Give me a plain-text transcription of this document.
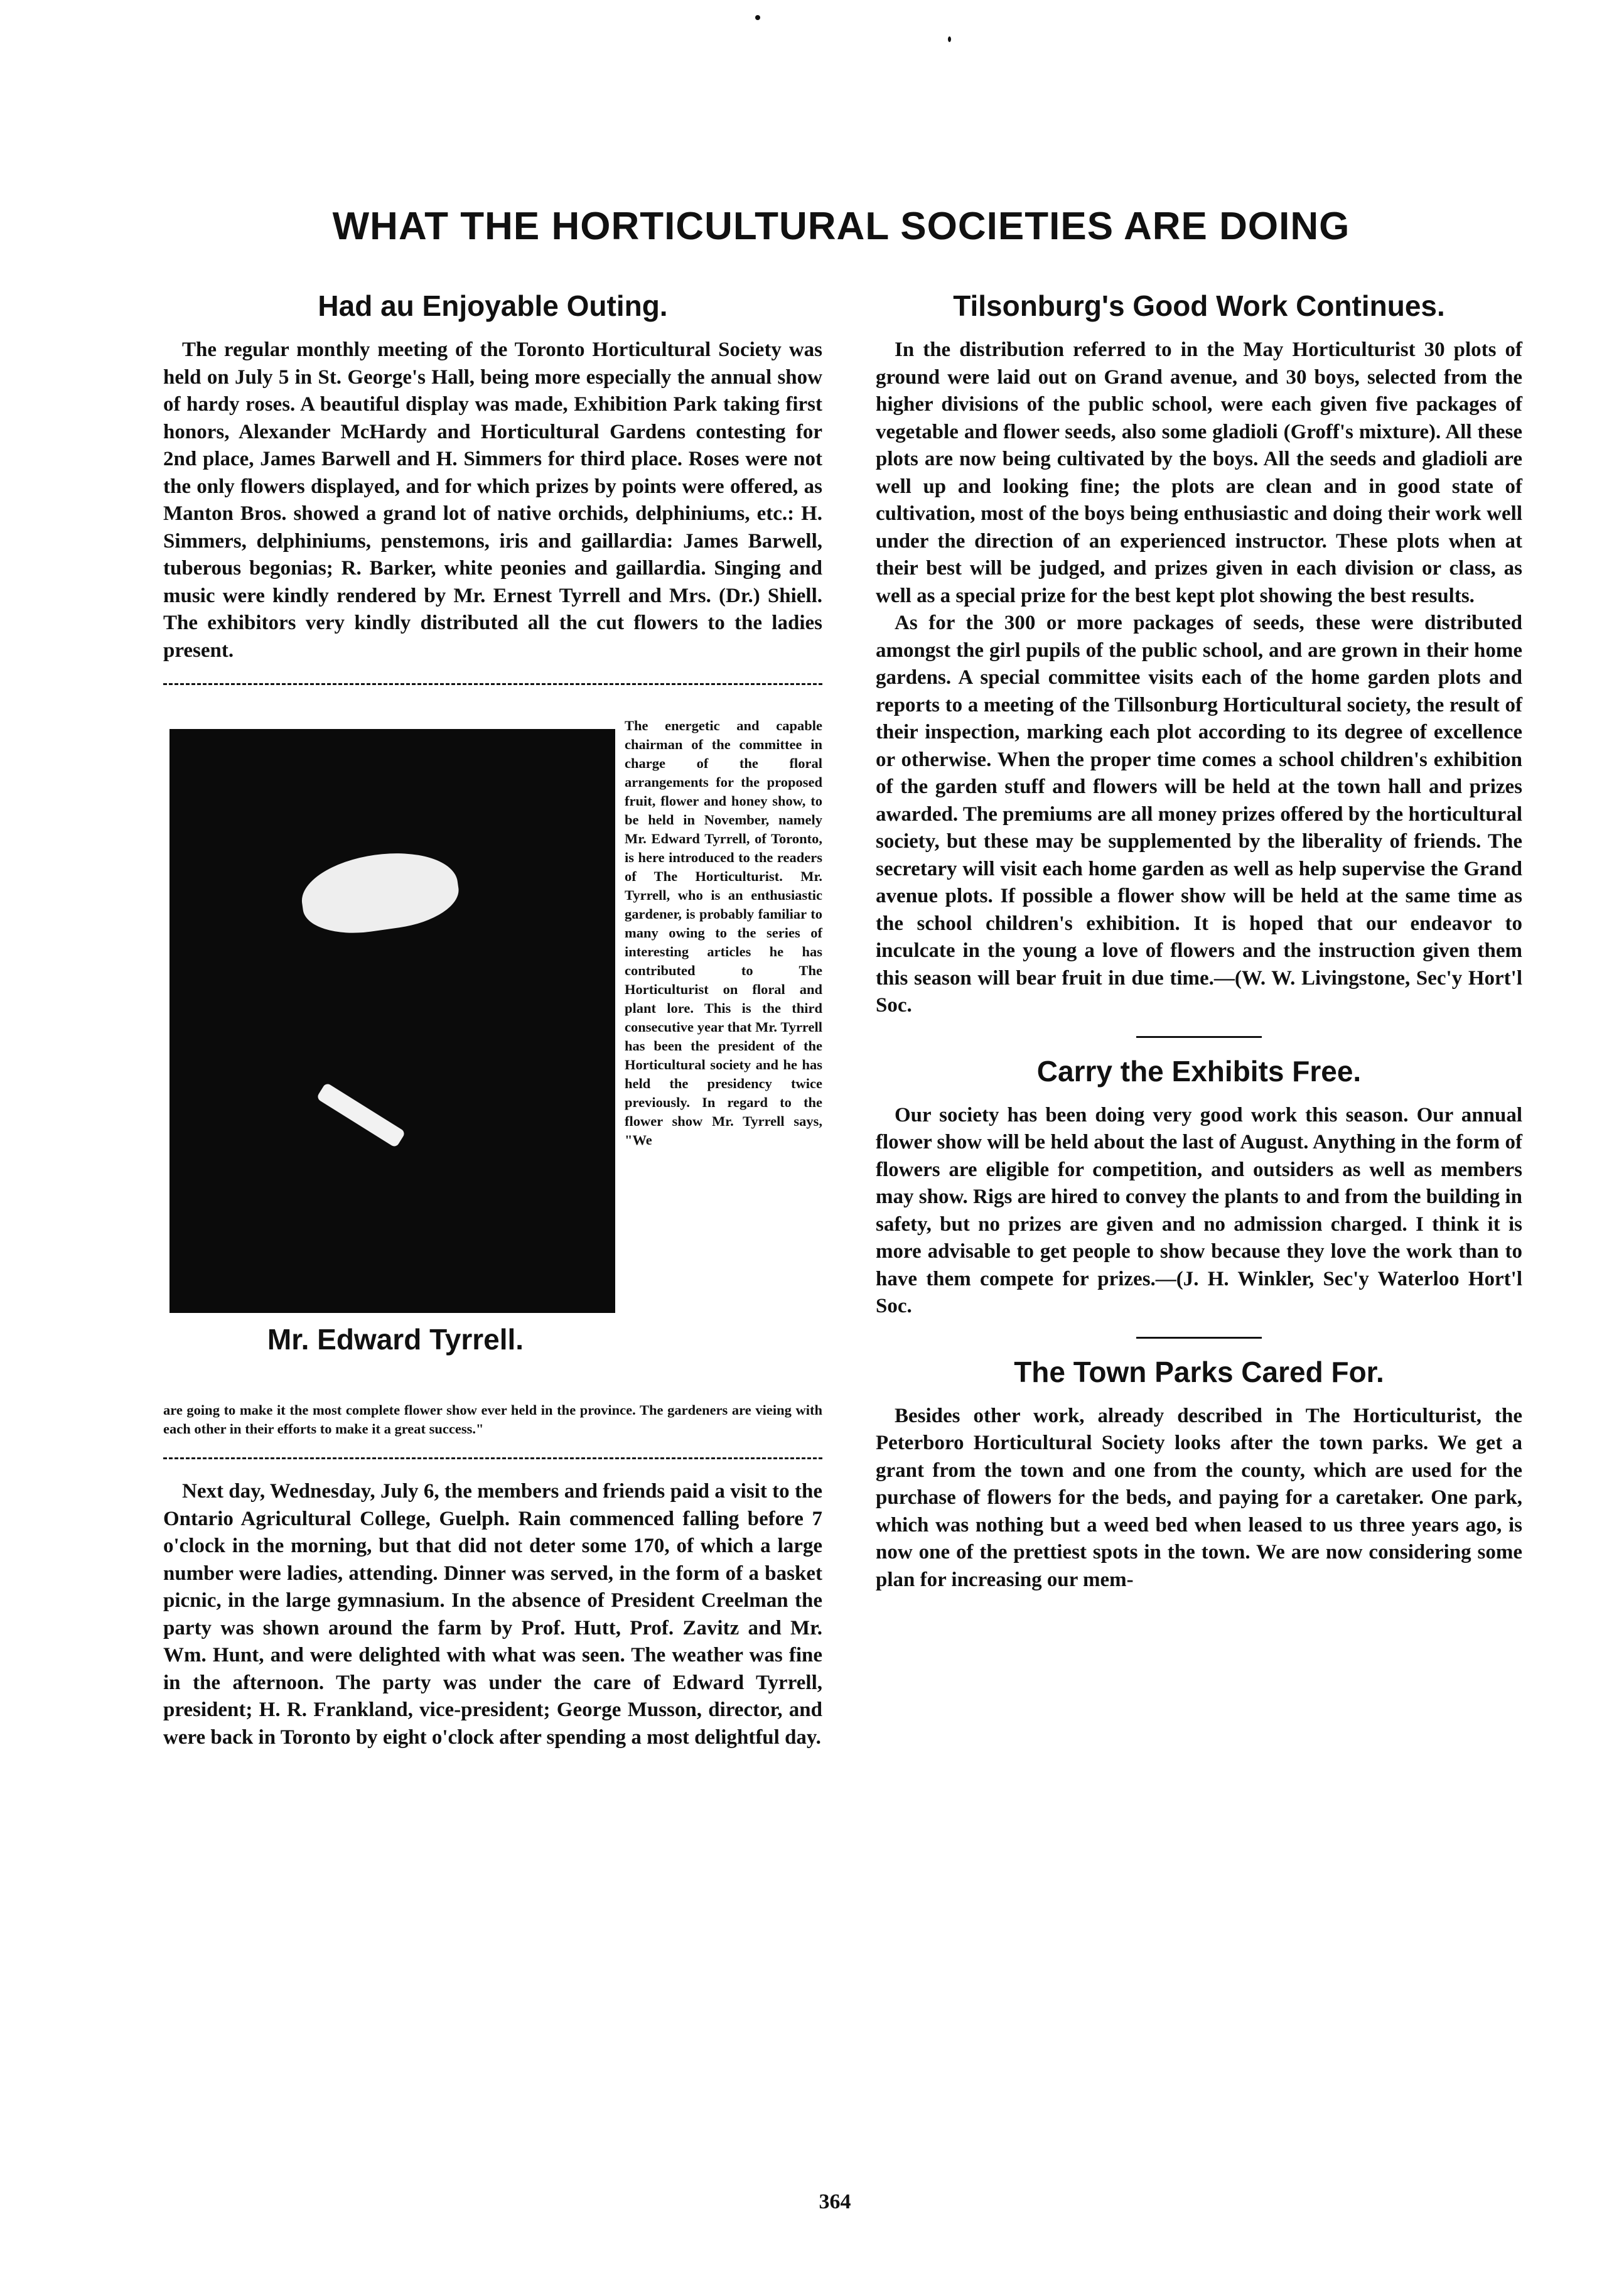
WHAT THE HORTICULTURAL SOCIETIES ARE DOING
Had au Enjoyable Outing.

The regular monthly meeting of the Toronto Horticultural Society was held on July 5 in St. George's Hall, being more especially the annual show of hardy roses. A beautiful display was made, Exhibition Park taking first honors, Alexander McHardy and Horticultural Gardens contesting for 2nd place, James Barwell and H. Simmers for third place. Roses were not the only flowers displayed, and for which prizes by points were offered, as Manton Bros. showed a grand lot of native orchids, delphiniums, etc.: H. Simmers, delphiniums, penstemons, iris and gaillardia: James Barwell, tuberous begonias; R. Barker, white peonies and gaillardia. Singing and music were kindly rendered by Mr. Ernest Tyrrell and Mrs. (Dr.) Shiell. The exhibitors very kindly distributed all the cut flowers to the ladies present.

Mr. Edward Tyrrell.
The energetic and capable chairman of the committee in charge of the floral arrangements for the proposed fruit, flower and honey show, to be held in November, namely Mr. Edward Tyrrell, of Toronto, is here introduced to the readers of The Horticulturist. Mr. Tyrrell, who is an enthusiastic gardener, is probably familiar to many owing to the series of interesting articles he has contributed to The Horticulturist on floral and plant lore. This is the third consecutive year that Mr. Tyrrell has been the president of the Horticultural society and he has held the presidency twice previously. In regard to the flower show Mr. Tyrrell says, "We

are going to make it the most complete flower show ever held in the province. The gardeners are vieing with each other in their efforts to make it a great success."

Next day, Wednesday, July 6, the members and friends paid a visit to the Ontario Agricultural College, Guelph. Rain commenced falling before 7 o'clock in the morning, but that did not deter some 170, of which a large number were ladies, attending. Dinner was served, in the form of a basket picnic, in the large gymnasium. In the absence of President Creelman the party was shown around the farm by Prof. Hutt, Prof. Zavitz and Mr. Wm. Hunt, and were delighted with what was seen. The weather was fine in the afternoon. The party was under the care of Edward Tyrrell, president; H. R. Frankland, vice-president; George Musson, director, and were back in Toronto by eight o'clock after spending a most delightful day.

Tilsonburg's Good Work Continues.

In the distribution referred to in the May Horticulturist 30 plots of ground were laid out on Grand avenue, and 30 boys, selected from the higher divisions of the public school, were each given five packages of vegetable and flower seeds, also some gladioli (Groff's mixture). All these plots are now being cultivated by the boys. All the seeds and gladioli are well up and looking fine; the plots are clean and in good state of cultivation, most of the boys being enthusiastic and doing their work well under the direction of an experienced instructor. These plots when at their best will be judged, and prizes given in each division or class, as well as a special prize for the best kept plot showing the best results.

As for the 300 or more packages of seeds, these were distributed amongst the girl pupils of the public school, and are grown in their home gardens. A special committee visits each of the home garden plots and reports to a meeting of the Tillsonburg Horticultural society, the result of their inspection, marking each plot according to its degree of excellence or otherwise. When the proper time comes a school children's exhibition of the garden stuff and flowers will be held at the town hall and prizes awarded. The premiums are all money prizes offered by the horticultural society, but these may be supplemented by the liberality of friends. The secretary will visit each home garden as well as help supervise the Grand avenue plots. If possible a flower show will be held at the same time as the school children's exhibition. It is hoped that our endeavor to inculcate in the young a love of flowers and the instruction given them this season will bear fruit in due time.—(W. W. Livingstone, Sec'y Hort'l Soc.

Carry the Exhibits Free.

Our society has been doing very good work this season. Our annual flower show will be held about the last of August. Anything in the form of flowers are eligible for competition, and outsiders as well as members may show. Rigs are hired to convey the plants to and from the building in safety, but no prizes are given and no admission charged. I think it is more advisable to get people to show because they love the work than to have them compete for prizes.—(J. H. Winkler, Sec'y Waterloo Hort'l Soc.

The Town Parks Cared For.

Besides other work, already described in The Horticulturist, the Peterboro Horticultural Society looks after the town parks. We get a grant from the town and one from the county, which are used for the purchase of flowers for the beds, and paying for a caretaker. One park, which was nothing but a weed bed when leased to us three years ago, is now one of the prettiest spots in the town. We are now considering some plan for increasing our mem-

364
